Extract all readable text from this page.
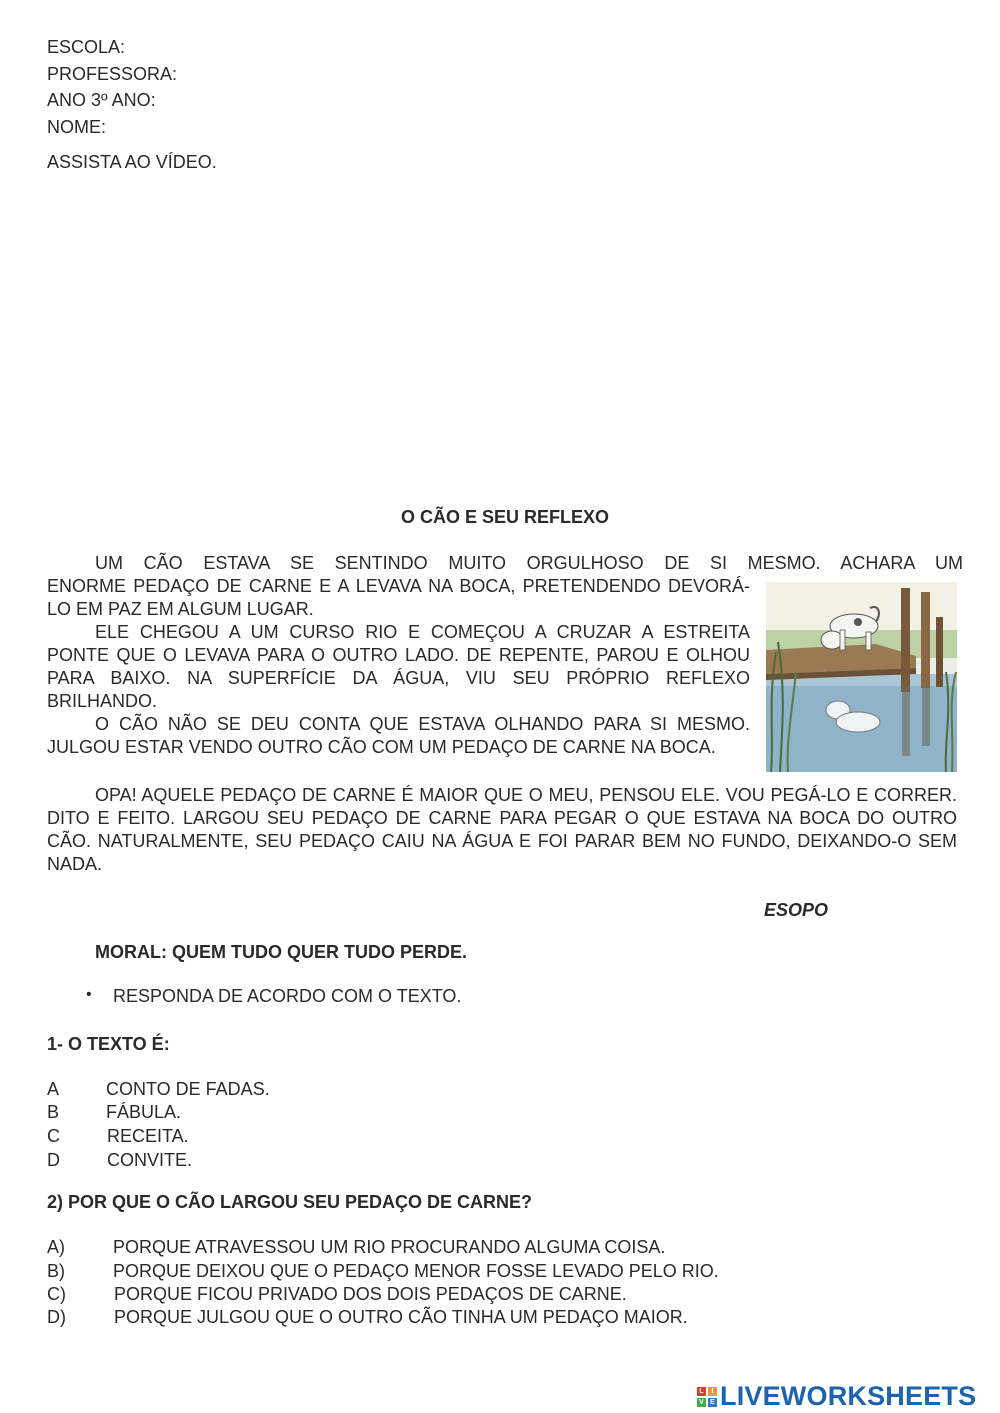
ESCOLA:
PROFESSORA:
ANO 3º ANO:
NOME:
ASSISTA AO VÍDEO.
O CÃO E SEU REFLEXO
UM CÃO ESTAVA SE SENTINDO MUITO ORGULHOSO DE SI MESMO. ACHARA UM
ENORME PEDAÇO DE CARNE E A LEVAVA NA BOCA, PRETENDENDO DEVORÁ-LO EM PAZ EM ALGUM LUGAR.
ELE CHEGOU A UM CURSO RIO E COMEÇOU A CRUZAR A ESTREITA PONTE QUE O LEVAVA PARA O OUTRO LADO. DE REPENTE, PAROU E OLHOU PARA BAIXO. NA SUPERFÍCIE DA ÁGUA, VIU SEU PRÓPRIO REFLEXO BRILHANDO.
O CÃO NÃO SE DEU CONTA QUE ESTAVA OLHANDO PARA SI MESMO. JULGOU ESTAR VENDO OUTRO CÃO COM UM PEDAÇO DE CARNE NA BOCA.
OPA! AQUELE PEDAÇO DE CARNE É MAIOR QUE O MEU, PENSOU ELE. VOU PEGÁ-LO E CORRER. DITO E FEITO. LARGOU SEU PEDAÇO DE CARNE PARA PEGAR O QUE ESTAVA NA BOCA DO OUTRO CÃO. NATURALMENTE, SEU PEDAÇO CAIU NA ÁGUA E FOI PARAR BEM NO FUNDO, DEIXANDO-O SEM NADA.
ESOPO
MORAL: QUEM TUDO QUER TUDO PERDE.
•	RESPONDA DE ACORDO COM O TEXTO.
1- O TEXTO É:
A	CONTO DE FADAS.
B	FÁBULA.
C	RECEITA.
D	CONVITE.
2) POR QUE O CÃO LARGOU SEU PEDAÇO DE CARNE?
A)	PORQUE ATRAVESSOU UM RIO PROCURANDO ALGUMA COISA.
B)	PORQUE DEIXOU QUE O PEDAÇO MENOR FOSSE LEVADO PELO RIO.
C)	PORQUE FICOU PRIVADO DOS DOIS PEDAÇOS DE CARNE.
D)	PORQUE JULGOU QUE O OUTRO CÃO TINHA UM PEDAÇO MAIOR.
L	I
V E LIVEWORKSHEETS
